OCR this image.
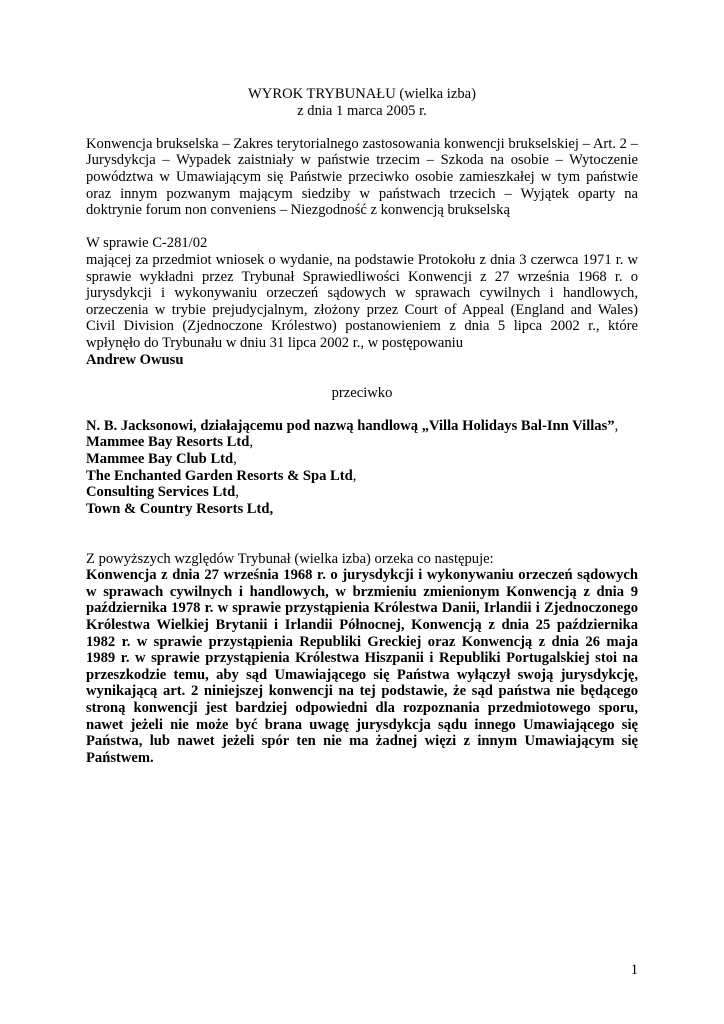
WYROK TRYBUNAŁU (wielka izba)

z dnia 1 marca 2005 r.

Konwencja brukselska – Zakres terytorialnego zastosowania konwencji brukselskiej – Art. 2 – Jurysdykcja – Wypadek zaistniały w państwie trzecim – Szkoda na osobie – Wytoczenie powództwa w Umawiającym się Państwie przeciwko osobie zamieszkałej w tym państwie oraz innym pozwanym mającym siedziby w państwach trzecich – Wyjątek oparty na doktrynie forum non conveniens – Niezgodność z konwencją brukselską

W sprawie C-281/02

mającej za przedmiot wniosek o wydanie, na podstawie Protokołu z dnia 3 czerwca 1971 r. w sprawie wykładni przez Trybunał Sprawiedliwości Konwencji z 27 września 1968 r. o jurysdykcji i wykonywaniu orzeczeń sądowych w sprawach cywilnych i handlowych, orzeczenia w trybie prejudycjalnym, złożony przez Court of Appeal (England and Wales) Civil Division (Zjednoczone Królestwo) postanowieniem z dnia 5 lipca 2002 r., które wpłynęło do Trybunału w dniu 31 lipca 2002 r., w postępowaniu

Andrew Owusu

przeciwko

N. B. Jacksonowi, działającemu pod nazwą handlową „Villa Holidays Bal-Inn Villas”,

Mammee Bay Resorts Ltd,

Mammee Bay Club Ltd,

The Enchanted Garden Resorts & Spa Ltd,

Consulting Services Ltd,

Town & Country Resorts Ltd,

Z powyższych względów Trybunał (wielka izba) orzeka co następuje:

Konwencja z dnia 27 września 1968 r. o jurysdykcji i wykonywaniu orzeczeń sądowych w sprawach cywilnych i handlowych, w brzmieniu zmienionym Konwencją z dnia 9 października 1978 r. w sprawie przystąpienia Królestwa Danii, Irlandii i Zjednoczonego Królestwa Wielkiej Brytanii i Irlandii Północnej, Konwencją z dnia 25 października 1982 r. w sprawie przystąpienia Republiki Greckiej oraz Konwencją z dnia 26 maja 1989 r. w sprawie przystąpienia Królestwa Hiszpanii i Republiki Portugalskiej stoi na przeszkodzie temu, aby sąd Umawiającego się Państwa wyłączył swoją jurysdykcję, wynikającą art. 2 niniejszej konwencji na tej podstawie, że sąd państwa nie będącego stroną konwencji jest bardziej odpowiedni dla rozpoznania przedmiotowego sporu, nawet jeżeli nie może być brana uwagę jurysdykcja sądu innego Umawiającego się Państwa, lub nawet jeżeli spór ten nie ma żadnej więzi z innym Umawiającym się Państwem.

1
